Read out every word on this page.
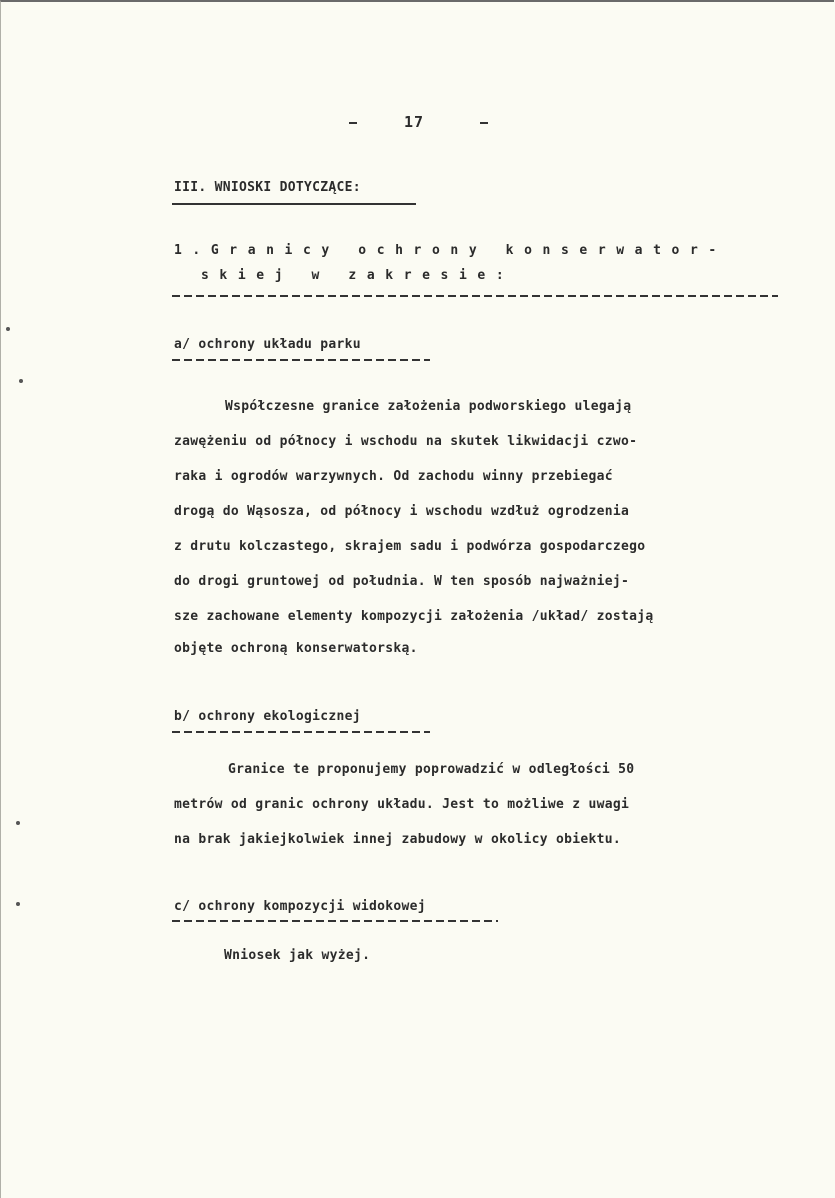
17
III. WNIOSKI DOTYCZĄCE:
1.Granicy ochrony konserwator-
skiej w zakresie:
a/ ochrony układu parku
Współczesne granice założenia podworskiego ulegają
zawężeniu od północy i wschodu na skutek likwidacji czwo-
raka i ogrodów warzywnych. Od zachodu winny przebiegać
drogą do Wąsosza, od północy i wschodu wzdłuż ogrodzenia
z drutu kolczastego, skrajem sadu i podwórza gospodarczego
do drogi gruntowej od południa. W ten sposób najważniej-
sze zachowane elementy kompozycji założenia /układ/ zostają
objęte ochroną konserwatorską.
b/ ochrony ekologicznej
Granice te proponujemy poprowadzić w odległości 50
metrów od granic ochrony układu. Jest to możliwe z uwagi
na brak jakiejkolwiek innej zabudowy w okolicy obiektu.
c/ ochrony kompozycji widokowej
Wniosek jak wyżej.
